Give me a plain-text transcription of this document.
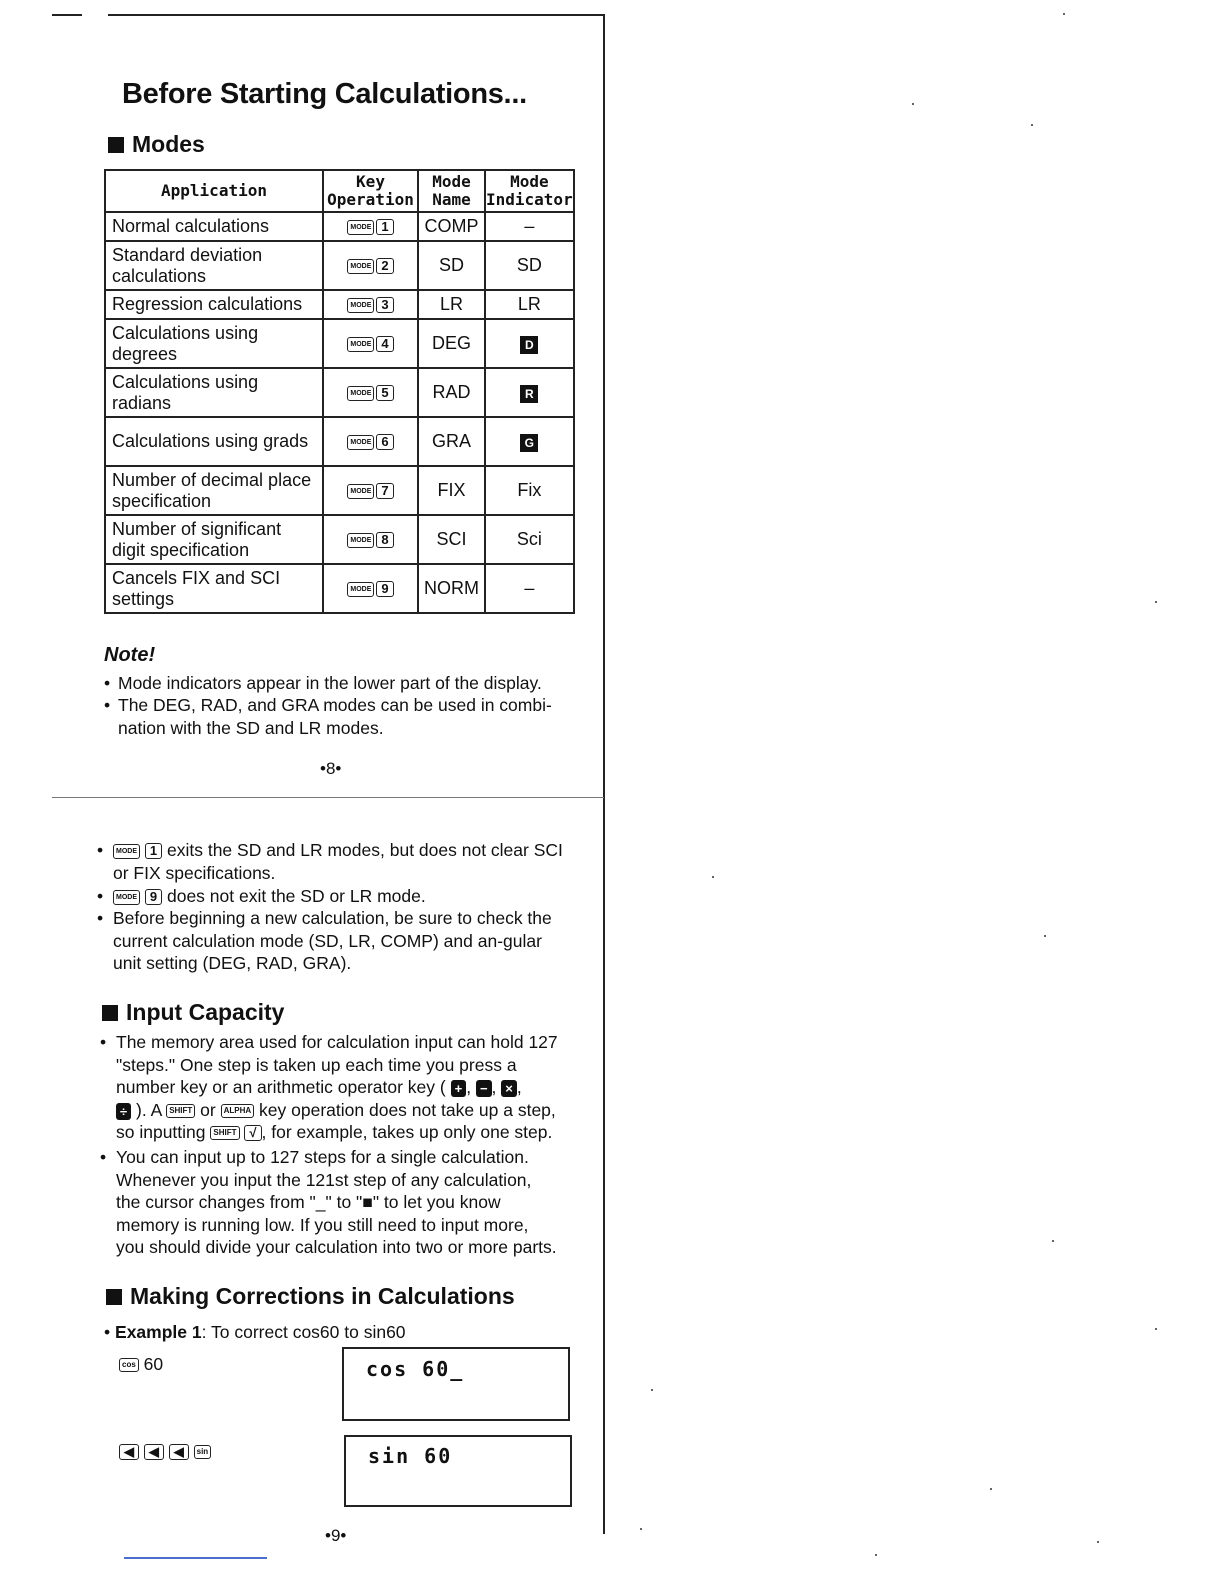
Before Starting Calculations...
Modes
Application	Key Operation	Mode Name	Mode Indicator
Normal calculations	MODE 1	COMP	–
Standard deviation calculations	MODE 2	SD	SD
Regression calculations	MODE 3	LR	LR
Calculations using degrees	MODE 4	DEG	D
Calculations using radians	MODE 5	RAD	R
Calculations using grads	MODE 6	GRA	G
Number of decimal place specification	MODE 7	FIX	Fix
Number of significant digit specification	MODE 8	SCI	Sci
Cancels FIX and SCI settings	MODE 9	NORM	–
Note!
• Mode indicators appear in the lower part of the display.
• The DEG, RAD, and GRA modes can be used in combi-nation with the SD and LR modes.
•8•
•	MODE 1 exits the SD and LR modes, but does not clear SCI or FIX specifications.
•	MODE 9 does not exit the SD or LR mode.
• Before beginning a new calculation, be sure to check the current calculation mode (SD, LR, COMP) and an-gular unit setting (DEG, RAD, GRA).
Input Capacity
• The memory area used for calculation input can hold 127
"steps." One step is taken up each time you press a
number key or an arithmetic operator key ( + , − , × ,
÷ ). A SHIFT or ALPHA key operation does not take up a step,
so inputting SHIFT √ , for example, takes up only one step.
• You can input up to 127 steps for a single calculation.
Whenever you input the 121st step of any calculation,
the cursor changes from "_" to "■" to let you know
memory is running low. If you still need to input more,
you should divide your calculation into two or more parts.
Making Corrections in Calculations
• Example 1: To correct cos60 to sin60
cos 60	cos 60_
◀ ◀ ◀ sin	sin 60
•9•
